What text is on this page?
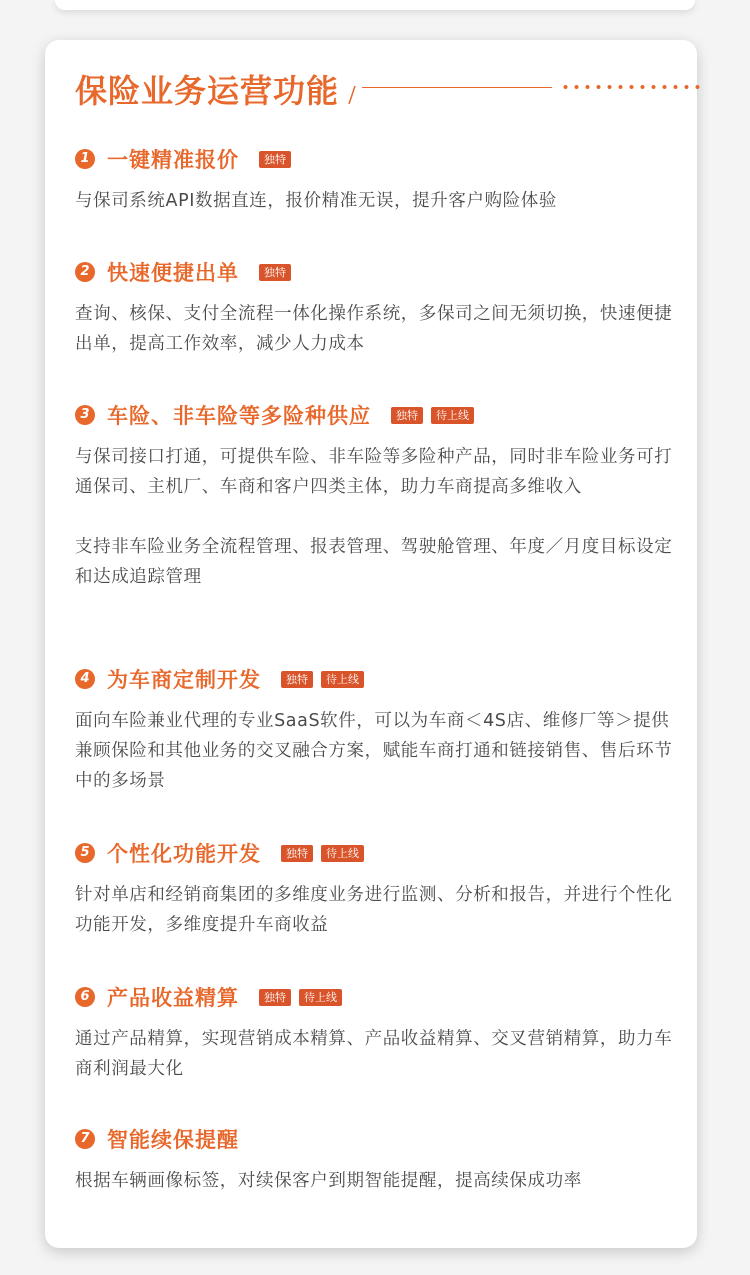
保险业务运营功能
1 一键精准报价	独特
与保司系统API数据直连，报价精准无误，提升客户购险体验
2 快速便捷出单	独特
查询、核保、支付全流程一体化操作系统，多保司之间无须切换，快速便捷出单，提高工作效率，减少人力成本
3 车险、非车险等多险种供应	独特	待上线
与保司接口打通，可提供车险、非车险等多险种产品，同时非车险业务可打通保司、主机厂、车商和客户四类主体，助力车商提高多维收入
支持非车险业务全流程管理、报表管理、驾驶舱管理、年度／月度目标设定和达成追踪管理
4 为车商定制开发	独特	待上线
面向车险兼业代理的专业SaaS软件，可以为车商＜4S店、维修厂等＞提供兼顾保险和其他业务的交叉融合方案，赋能车商打通和链接销售、售后环节中的多场景
5 个性化功能开发	独特	待上线
针对单店和经销商集团的多维度业务进行监测、分析和报告，并进行个性化功能开发，多维度提升车商收益
6 产品收益精算	独特	待上线
通过产品精算，实现营销成本精算、产品收益精算、交叉营销精算，助力车商利润最大化
7 智能续保提醒
根据车辆画像标签，对续保客户到期智能提醒，提高续保成功率
